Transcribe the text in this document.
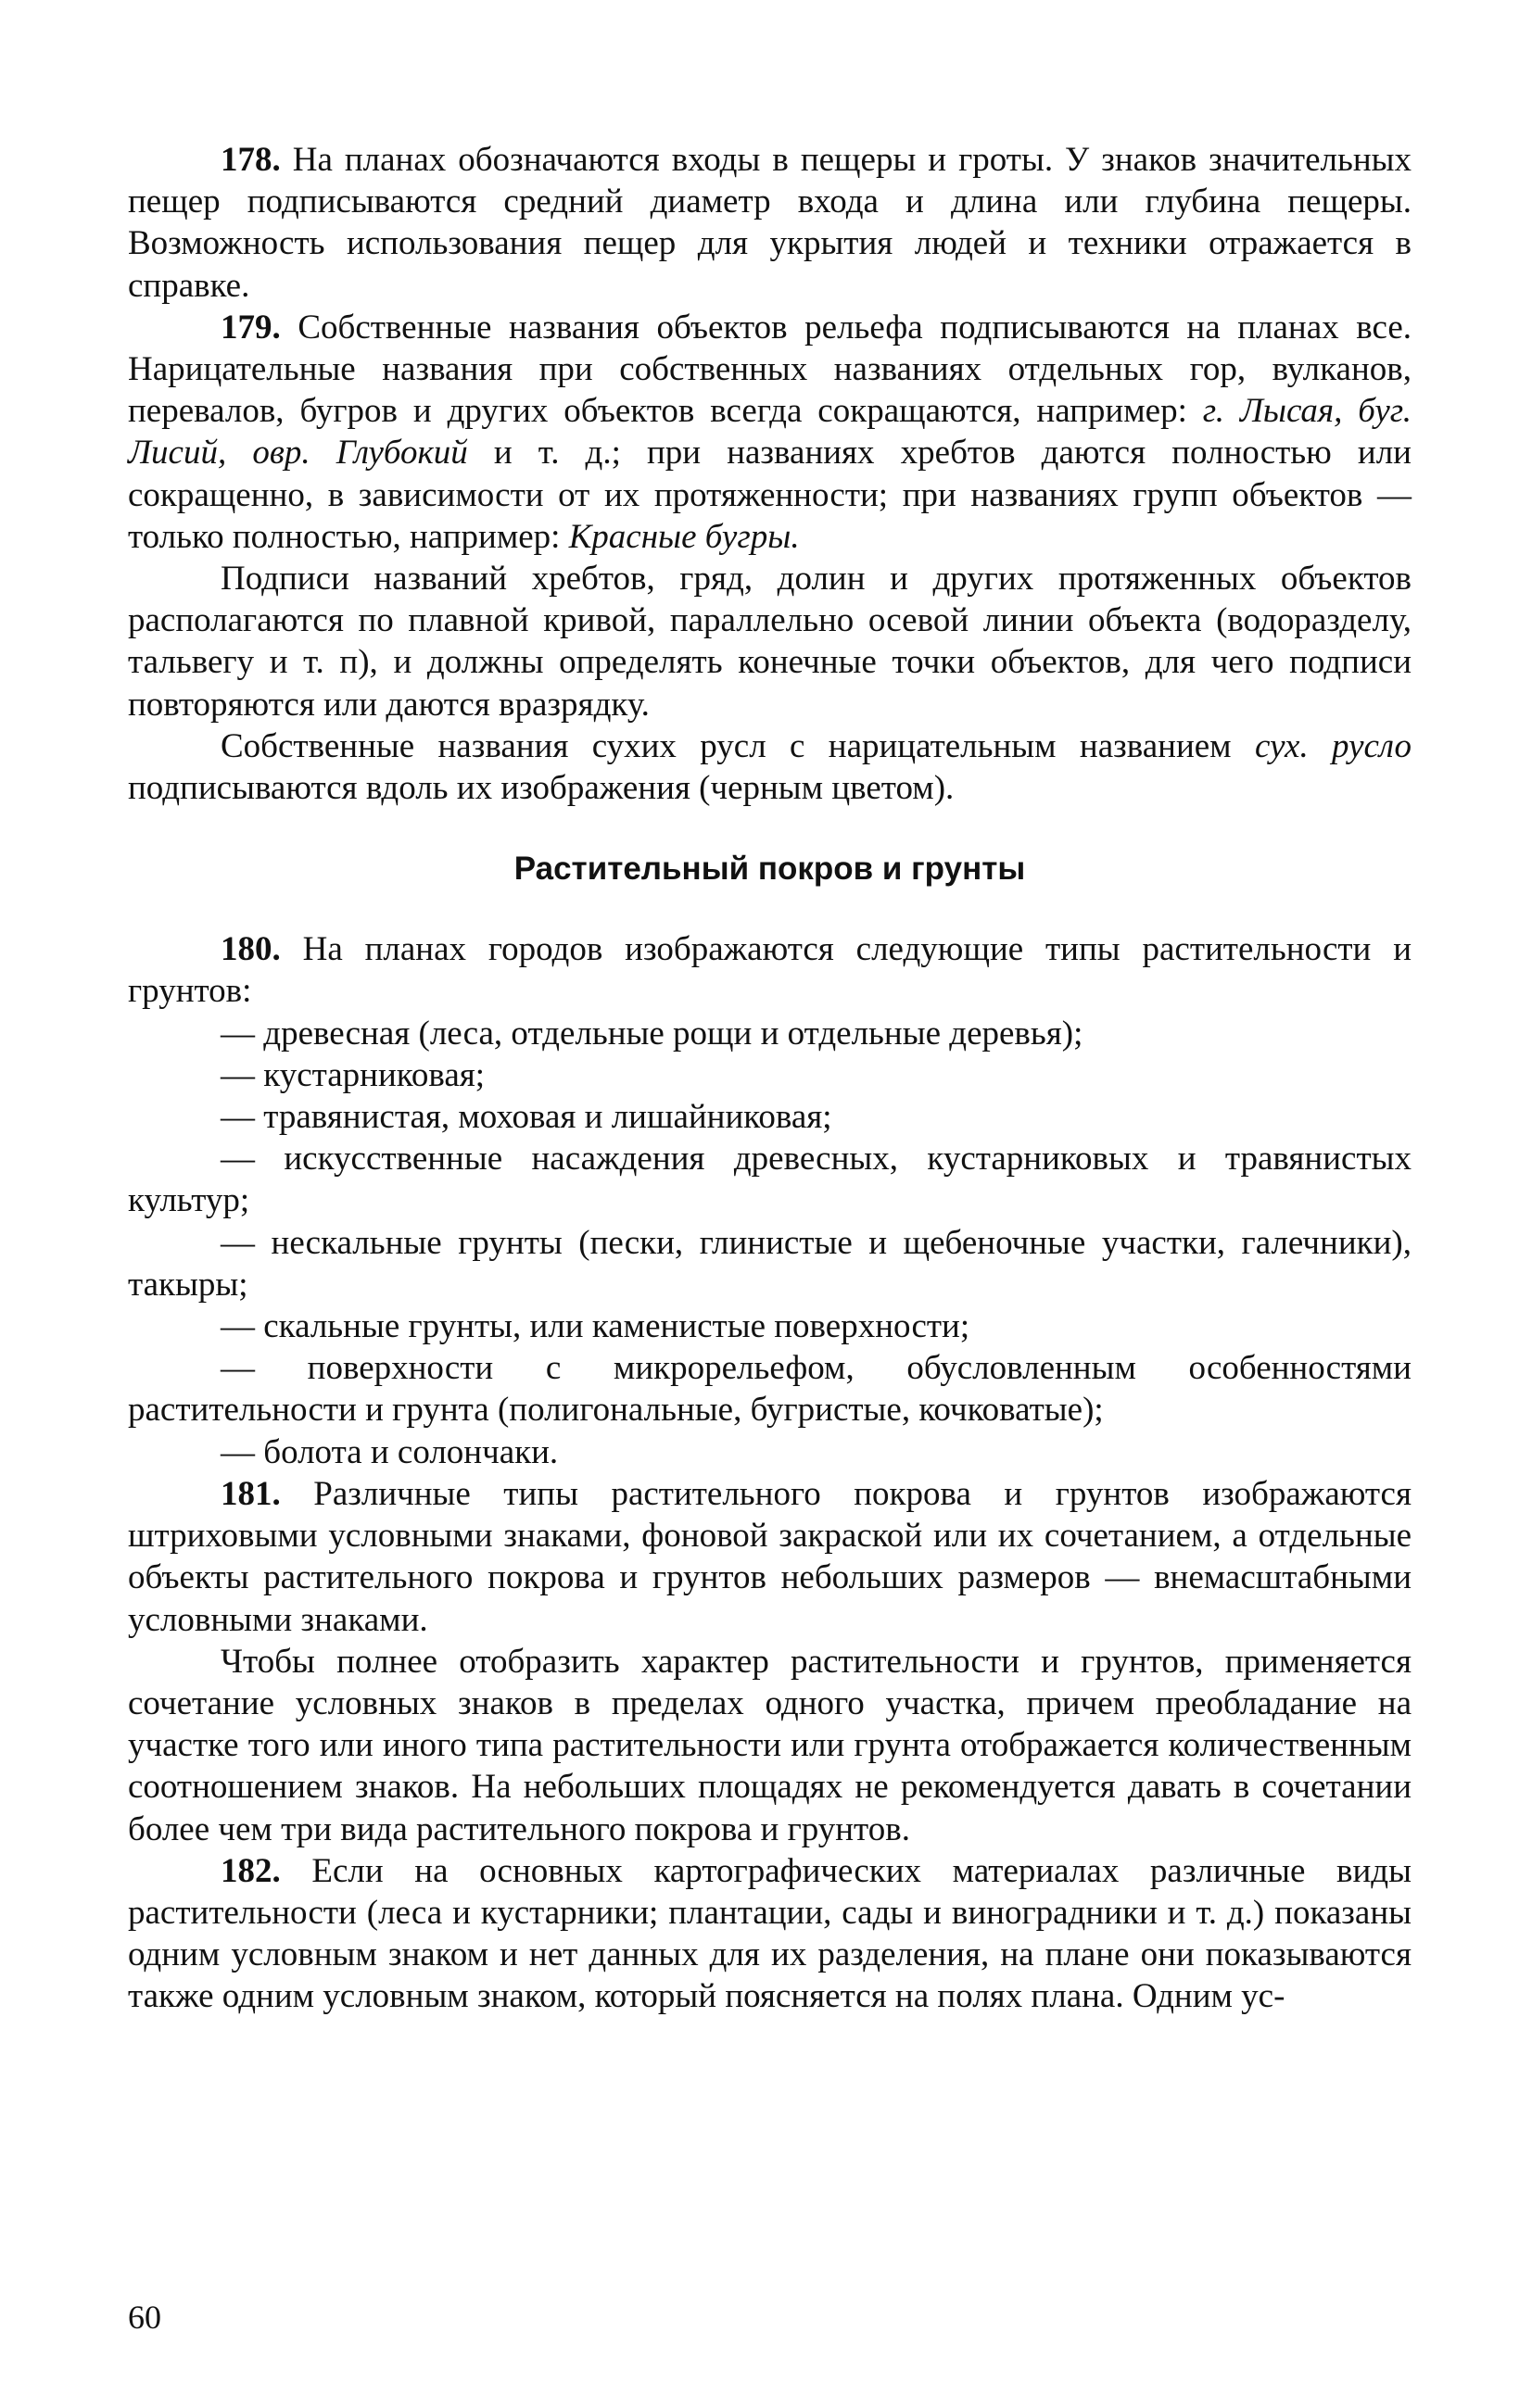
178. На планах обозначаются входы в пещеры и гроты. У знаков значительных пещер подписываются средний диаметр входа и длина или глубина пещеры. Возможность использования пещер для укрытия людей и техники отражается в справке.

179. Собственные названия объектов рельефа подписываются на планах все. Нарицательные названия при собственных названиях отдельных гор, вулканов, перевалов, бугров и других объектов всегда сокращаются, например: г. Лысая, буг. Лисий, овр. Глубокий и т. д.; при названиях хребтов даются полностью или сокращенно, в зависимости от их протяженности; при названиях групп объектов — только полностью, например: Красные бугры.

Подписи названий хребтов, гряд, долин и других протяженных объектов располагаются по плавной кривой, параллельно осевой линии объекта (водоразделу, тальвегу и т. п), и должны определять конечные точки объектов, для чего подписи повторяются или даются вразрядку.

Собственные названия сухих русл с нарицательным названием сух. русло подписываются вдоль их изображения (черным цветом).

Растительный покров и грунты

180. На планах городов изображаются следующие типы растительности и грунтов:

— древесная (леса, отдельные рощи и отдельные деревья);

— кустарниковая;

— травянистая, моховая и лишайниковая;

— искусственные насаждения древесных, кустарниковых и травянистых культур;

— нескальные грунты (пески, глинистые и щебеночные участки, галечники), такыры;

— скальные грунты, или каменистые поверхности;

— поверхности с микрорельефом, обусловленным особенностями растительности и грунта (полигональные, бугристые, кочковатые);

— болота и солончаки.

181. Различные типы растительного покрова и грунтов изображаются штриховыми условными знаками, фоновой закраской или их сочетанием, а отдельные объекты растительного покрова и грунтов небольших размеров — внемасштабными условными знаками.

Чтобы полнее отобразить характер растительности и грунтов, применяется сочетание условных знаков в пределах одного участка, причем преобладание на участке того или иного типа растительности или грунта отображается количественным соотношением знаков. На небольших площадях не рекомендуется давать в сочетании более чем три вида растительного покрова и грунтов.

182. Если на основных картографических материалах различные виды растительности (леса и кустарники; плантации, сады и виноградники и т. д.) показаны одним условным знаком и нет данных для их разделения, на плане они показываются также одним условным знаком, который поясняется на полях плана. Одним ус-

60
